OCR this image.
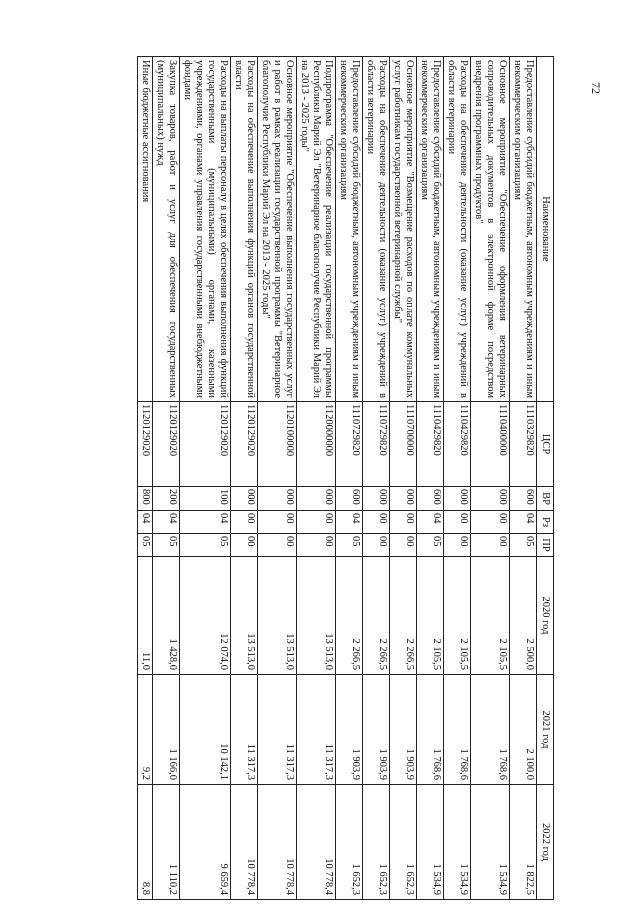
72
Наименование	ЦСР	ВР	Рз	ПР	2020 год	2021 год	2022 год
Предоставление субсидий бюджетным, автономным учреждениям и иным некоммерческим организациям	1110329820	600	04	05	2 500,0	2 100,0	1 822,5
Основное мероприятие "Обеспечение оформления ветеринарных сопроводительных документов в электронной форме посредством внедрения программных продуктов"	1110400000	000	00	00	2 105,5	1 768,6	1 534,9
Расходы на обеспечение деятельности (оказание услуг) учреждений в области ветеринарии	1110429820	000	00	00	2 105,5	1 768,6	1 534,9
Предоставление субсидий бюджетным, автономным учреждениям и иным некоммерческим организациям	1110429820	600	04	05	2 105,5	1 768,6	1 534,9
Основное мероприятие "Возмещение расходов по оплате коммунальных услуг работникам государственной ветеринарной службы"	1110700000	000	00	00	2 266,5	1 903,9	1 652,3
Расходы на обеспечение деятельности (оказание услуг) учреждений в области ветеринарии	1110729820	000	00	00	2 266,5	1 903,9	1 652,3
Предоставление субсидий бюджетным, автономным учреждениям и иным некоммерческим организациям	1110729820	600	04	05	2 266,5	1 903,9	1 652,3
Подпрограмма "Обеспечение реализации государственной программы Республики Марий Эл "Ветеринарное благополучие Республики Марий Эл на 2013 - 2025 годы"	1120000000	000	00	00	13 513,0	11 317,3	10 778,4
Основное мероприятие "Обеспечение выполнения государственных услуг и работ в рамках реализации государственной программы "Ветеринарное благополучие Республики Марий Эл на 2013 - 2025 годы"	1120100000	000	00	00	13 513,0	11 317,3	10 778,4
Расходы на обеспечение выполнения функций органов государственной власти	1120129020	000	00	00	13 513,0	11 317,3	10 778,4
Расходы на выплаты персоналу в целях обеспечения выполнения функций государственными (муниципальными) органами, казенными учреждениями, органами управления государственными внебюджетными фондами	1120129020	100	04	05	12 074,0	10 142,1	9 659,4
Закупка товаров, работ и услуг для обеспечения государственных (муниципальных) нужд	1120129020	200	04	05	1 428,0	1 166,0	1 110,2
Иные бюджетные ассигнования	1120129020	800	04	05	11,0	9,2	8,8
